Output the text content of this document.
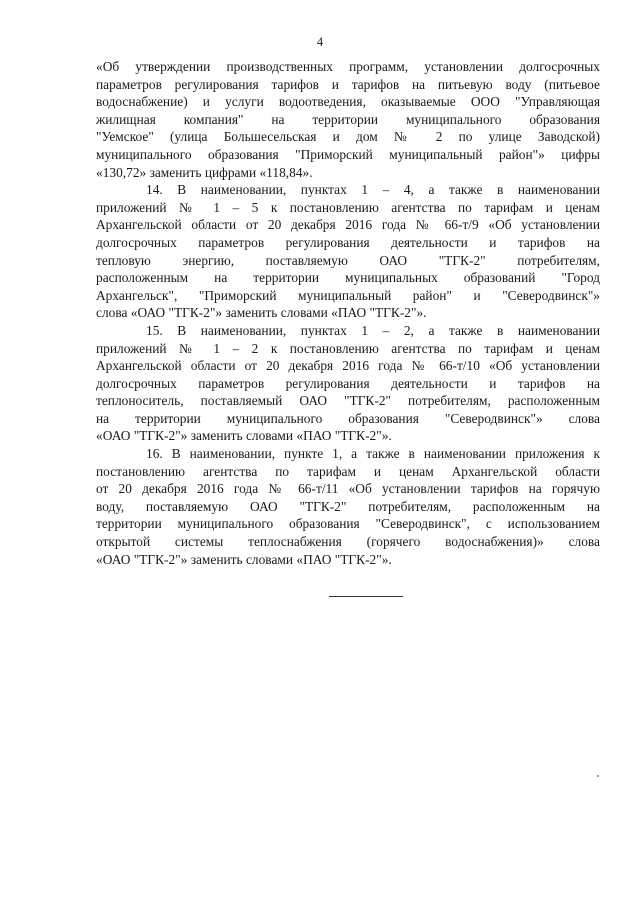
4
«Об утверждении производственных программ, установлении долгосрочных
параметров регулирования тарифов и тарифов на питьевую воду (питьевое
водоснабжение) и услуги водоотведения, оказываемые ООО "Управляющая
жилищная компания" на территории муниципального образования
"Уемское" (улица Большесельская и дом № 2 по улице Заводской)
муниципального образования "Приморский муниципальный район"» цифры
«130,72» заменить цифрами «118,84».
14. В наименовании, пунктах 1 – 4, а также в наименовании
приложений № 1 – 5 к постановлению агентства по тарифам и ценам
Архангельской области от 20 декабря 2016 года № 66-т/9 «Об установлении
долгосрочных параметров регулирования деятельности и тарифов на
тепловую энергию, поставляемую ОАО "ТГК-2" потребителям,
расположенным на территории муниципальных образований "Город
Архангельск", "Приморский муниципальный район" и "Северодвинск"»
слова «ОАО "ТГК-2"» заменить словами «ПАО "ТГК-2"».
15. В наименовании, пунктах 1 – 2, а также в наименовании
приложений № 1 – 2 к постановлению агентства по тарифам и ценам
Архангельской области от 20 декабря 2016 года № 66-т/10 «Об установлении
долгосрочных параметров регулирования деятельности и тарифов на
теплоноситель, поставляемый ОАО "ТГК-2" потребителям, расположенным
на территории муниципального образования "Северодвинск"» слова
«ОАО "ТГК-2"» заменить словами «ПАО "ТГК-2"».
16. В наименовании, пункте 1, а также в наименовании приложения к
постановлению агентства по тарифам и ценам Архангельской области
от 20 декабря 2016 года № 66-т/11 «Об установлении тарифов на горячую
воду, поставляемую ОАО "ТГК-2" потребителям, расположенным на
территории муниципального образования "Северодвинск", с использованием
открытой системы теплоснабжения (горячего водоснабжения)» слова
«ОАО "ТГК-2"» заменить словами «ПАО "ТГК-2"».
